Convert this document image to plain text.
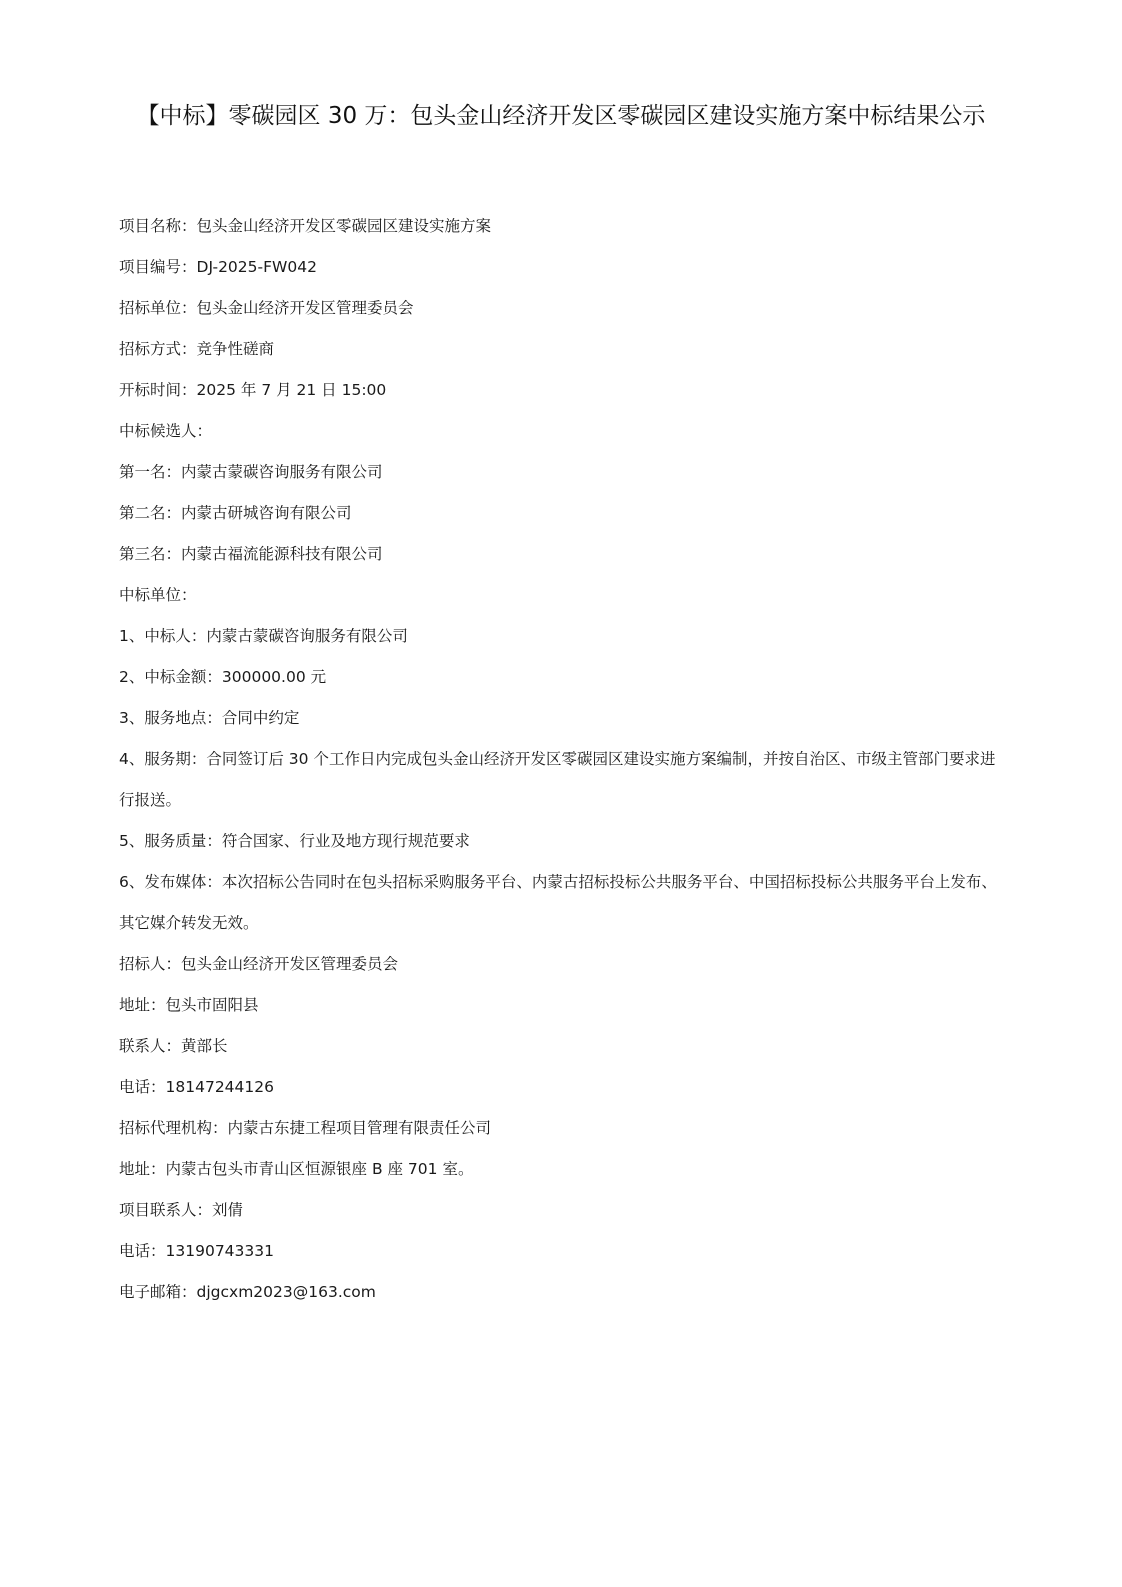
【中标】零碳园区 30 万：包头金山经济开发区零碳园区建设实施方案中标结果公示
项目名称：包头金山经济开发区零碳园区建设实施方案
项目编号：DJ-2025-FW042
招标单位：包头金山经济开发区管理委员会
招标方式：竞争性磋商
开标时间：2025 年 7 月 21 日 15:00
中标候选人：
第一名：内蒙古蒙碳咨询服务有限公司
第二名：内蒙古研城咨询有限公司
第三名：内蒙古福流能源科技有限公司
中标单位：
1、中标人：内蒙古蒙碳咨询服务有限公司
2、中标金额：300000.00 元
3、服务地点：合同中约定
4、服务期：合同签订后 30 个工作日内完成包头金山经济开发区零碳园区建设实施方案编制，并按自治区、市级主管部门要求进行报送。
5、服务质量：符合国家、行业及地方现行规范要求
6、发布媒体：本次招标公告同时在包头招标采购服务平台、内蒙古招标投标公共服务平台、中国招标投标公共服务平台上发布、其它媒介转发无效。
招标人：包头金山经济开发区管理委员会
地址：包头市固阳县
联系人：黄部长
电话：18147244126
招标代理机构：内蒙古东捷工程项目管理有限责任公司
地址：内蒙古包头市青山区恒源银座 B 座 701 室。
项目联系人：刘倩
电话：13190743331
电子邮箱：djgcxm2023@163.com
